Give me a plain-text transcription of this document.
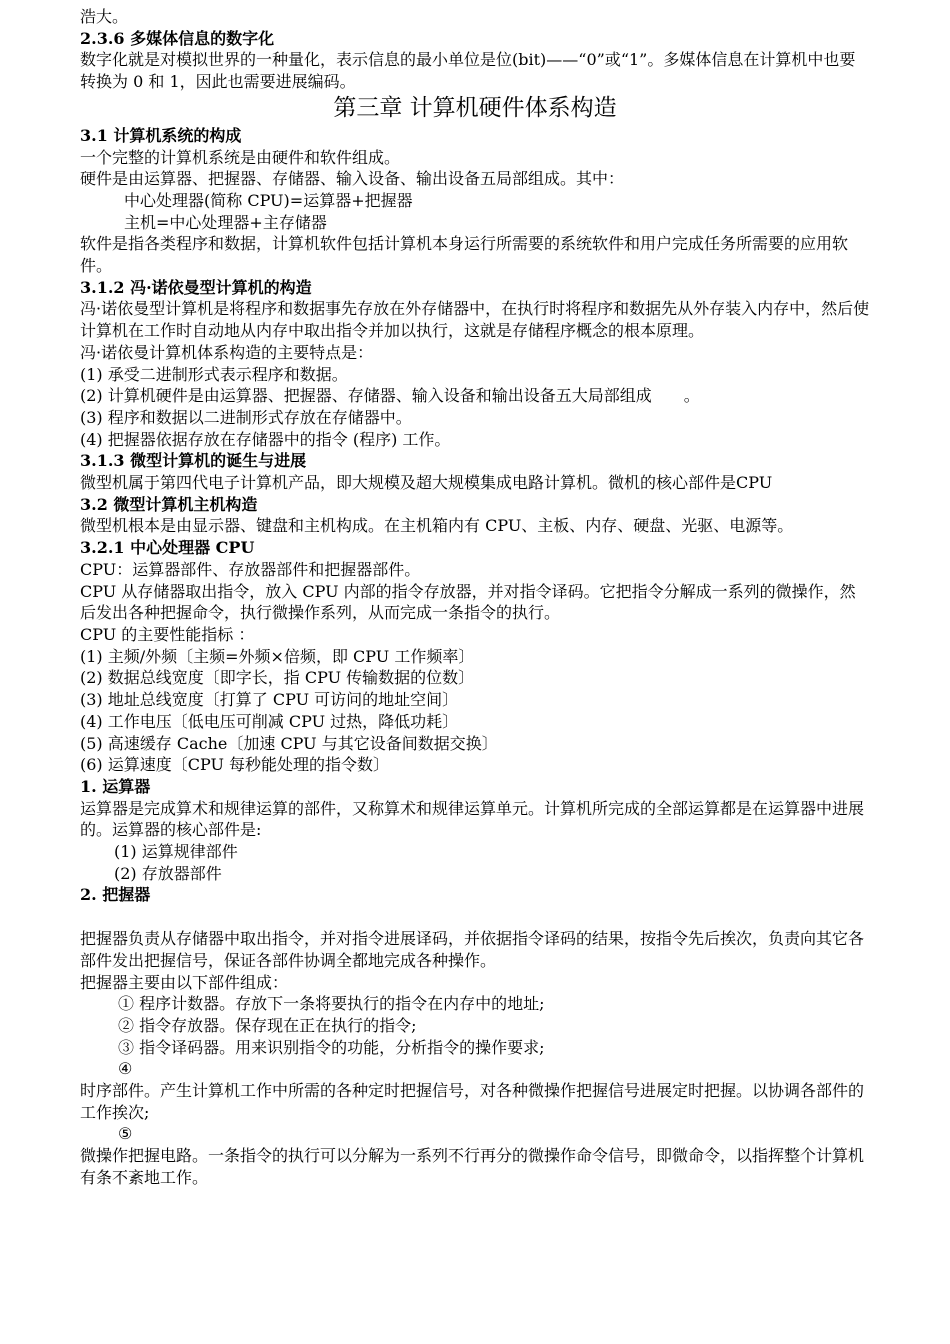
浩大。

2.3.6 多媒体信息的数字化

数字化就是对模拟世界的一种量化，表示信息的最小单位是位(bit)——“0”或“1”。多媒体信息在计算机中也要转换为 0 和 1，因此也需要进展编码。

第三章 计算机硬件体系构造

3.1 计算机系统的构成

一个完整的计算机系统是由硬件和软件组成。

硬件是由运算器、把握器、存储器、输入设备、输出设备五局部组成。其中：

中心处理器(简称 CPU)=运算器+把握器

主机=中心处理器+主存储器

软件是指各类程序和数据，计算机软件包括计算机本身运行所需要的系统软件和用户完成任务所需要的应用软件。

3.1.2 冯·诺依曼型计算机的构造

冯·诺依曼型计算机是将程序和数据事先存放在外存储器中，在执行时将程序和数据先从外存装入内存中，然后使计算机在工作时自动地从内存中取出指令并加以执行，这就是存储程序概念的根本原理。

冯·诺依曼计算机体系构造的主要特点是：

(1) 承受二进制形式表示程序和数据。

(2) 计算机硬件是由运算器、把握器、存储器、输入设备和输出设备五大局部组成　　。

(3) 程序和数据以二进制形式存放在存储器中。

(4) 把握器依据存放在存储器中的指令 (程序) 工作。

3.1.3 微型计算机的诞生与进展

微型机属于第四代电子计算机产品，即大规模及超大规模集成电路计算机。微机的核心部件是CPU

3.2 微型计算机主机构造

微型机根本是由显示器、键盘和主机构成。在主机箱内有 CPU、主板、内存、硬盘、光驱、电源等。

3.2.1 中心处理器 CPU

CPU：运算器部件、存放器部件和把握器部件。

CPU 从存储器取出指令，放入 CPU 内部的指令存放器，并对指令译码。它把指令分解成一系列的微操作，然后发出各种把握命令，执行微操作系列，从而完成一条指令的执行。

CPU 的主要性能指标 ：

(1) 主频/外频〔主频=外频×倍频，即 CPU 工作频率〕

(2) 数据总线宽度〔即字长，指 CPU 传输数据的位数〕

(3) 地址总线宽度〔打算了 CPU 可访问的地址空间〕

(4) 工作电压〔低电压可削减 CPU 过热，降低功耗〕

(5) 高速缓存 Cache〔加速 CPU 与其它设备间数据交换〕

(6) 运算速度〔CPU 每秒能处理的指令数〕

1. 运算器

运算器是完成算术和规律运算的部件，又称算术和规律运算单元。计算机所完成的全部运算都是在运算器中进展的。运算器的核心部件是:

(1) 运算规律部件

(2) 存放器部件

2. 把握器

把握器负责从存储器中取出指令，并对指令进展译码，并依据指令译码的结果，按指令先后挨次，负责向其它各部件发出把握信号，保证各部件协调全都地完成各种操作。

把握器主要由以下部件组成：

① 程序计数器。存放下一条将要执行的指令在内存中的地址;

② 指令存放器。保存现在正在执行的指令;

③ 指令译码器。用来识别指令的功能，分析指令的操作要求;

④

时序部件。产生计算机工作中所需的各种定时把握信号，对各种微操作把握信号进展定时把握。以协调各部件的工作挨次;

⑤

微操作把握电路。一条指令的执行可以分解为一系列不行再分的微操作命令信号，即微命令，以指挥整个计算机有条不紊地工作。
